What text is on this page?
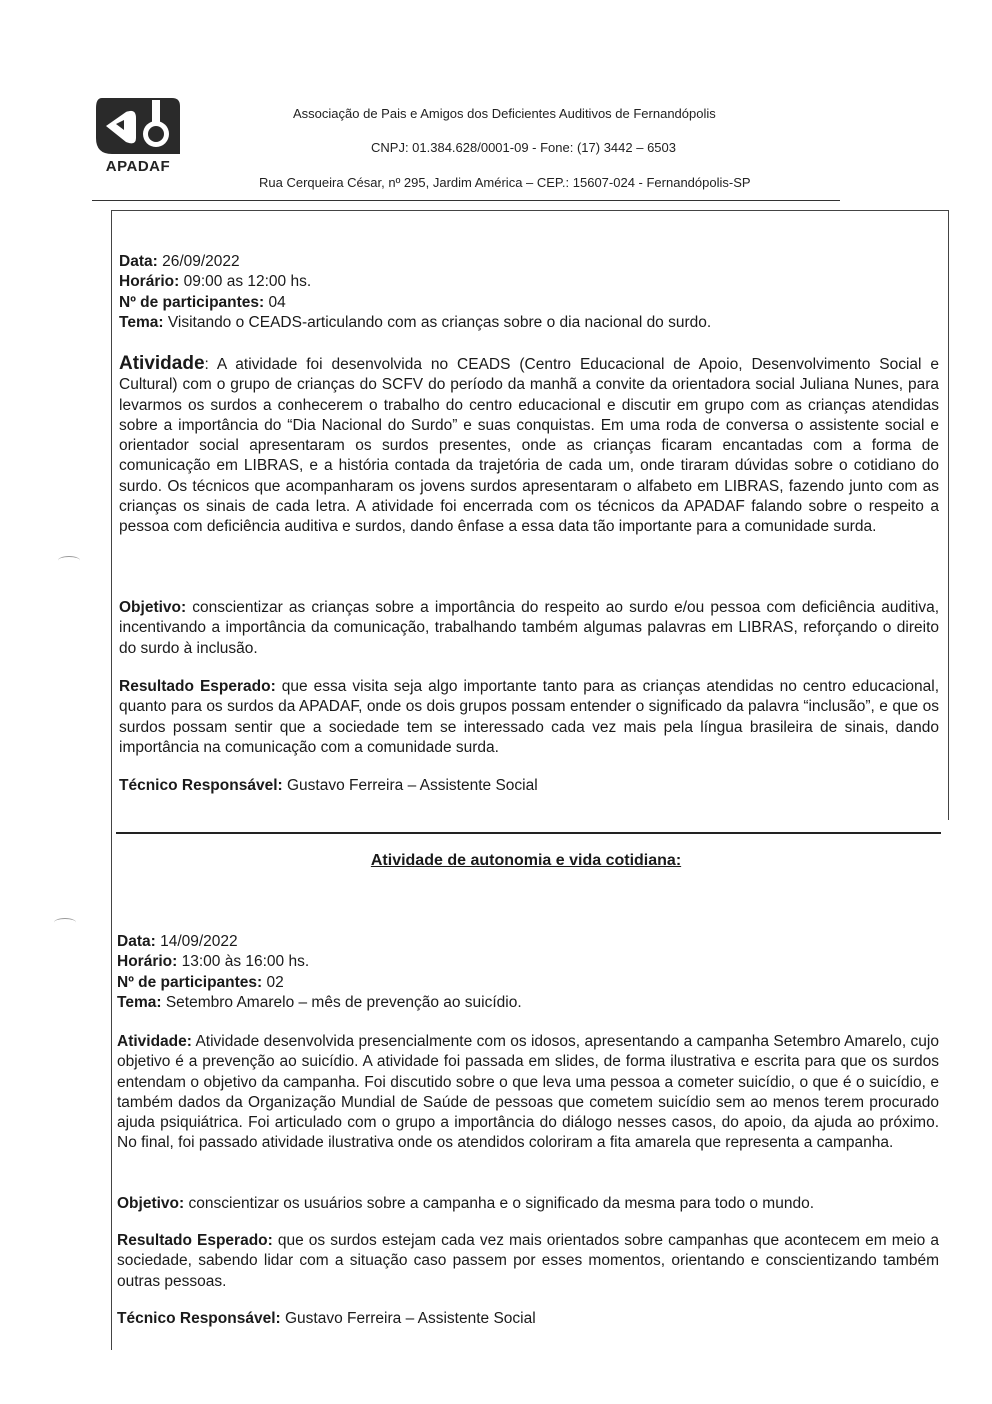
APADAF
Associação de Pais e Amigos dos Deficientes Auditivos de Fernandópolis
CNPJ: 01.384.628/0001-09 - Fone: (17) 3442 – 6503
Rua Cerqueira César, nº 295, Jardim América – CEP.: 15607-024 - Fernandópolis-SP

Data: 26/09/2022

Horário: 09:00 as 12:00 hs.

Nº de participantes: 04

Tema: Visitando o CEADS-articulando com as crianças sobre o dia nacional do surdo.

Atividade: A atividade foi desenvolvida no CEADS (Centro Educacional de Apoio, Desenvolvimento Social e Cultural) com o grupo de crianças do SCFV do período da manhã a convite da orientadora social Juliana Nunes, para levarmos os surdos a conhecerem o trabalho do centro educacional e discutir em grupo com as crianças atendidas sobre a importância do “Dia Nacional do Surdo” e suas conquistas. Em uma roda de conversa o assistente social e orientador social apresentaram os surdos presentes, onde as crianças ficaram encantadas com a forma de comunicação em LIBRAS, e a história contada da trajetória de cada um, onde tiraram dúvidas sobre o cotidiano do surdo. Os técnicos que acompanharam os jovens surdos apresentaram o alfabeto em LIBRAS, fazendo junto com as crianças os sinais de cada letra. A atividade foi encerrada com os técnicos da APADAF falando sobre o respeito a pessoa com deficiência auditiva e surdos, dando ênfase a essa data tão importante para a comunidade surda.

Objetivo: conscientizar as crianças sobre a importância do respeito ao surdo e/ou pessoa com deficiência auditiva, incentivando a importância da comunicação, trabalhando também algumas palavras em LIBRAS, reforçando o direito do surdo à inclusão.

Resultado Esperado: que essa visita seja algo importante tanto para as crianças atendidas no centro educacional, quanto para os surdos da APADAF, onde os dois grupos possam entender o significado da palavra “inclusão”, e que os surdos possam sentir que a sociedade tem se interessado cada vez mais pela língua brasileira de sinais, dando importância na comunicação com a comunidade surda.

Técnico Responsável: Gustavo Ferreira – Assistente Social

Atividade de autonomia e vida cotidiana:

Data: 14/09/2022

Horário: 13:00 às 16:00 hs.

Nº de participantes: 02

Tema: Setembro Amarelo – mês de prevenção ao suicídio.

Atividade: Atividade desenvolvida presencialmente com os idosos, apresentando a campanha Setembro Amarelo, cujo objetivo é a prevenção ao suicídio. A atividade foi passada em slides, de forma ilustrativa e escrita para que os surdos entendam o objetivo da campanha. Foi discutido sobre o que leva uma pessoa a cometer suicídio, o que é o suicídio, e também dados da Organização Mundial de Saúde de pessoas que cometem suicídio sem ao menos terem procurado ajuda psiquiátrica. Foi articulado com o grupo a importância do diálogo nesses casos, do apoio, da ajuda ao próximo. No final, foi passado atividade ilustrativa onde os atendidos coloriram a fita amarela que representa a campanha.

Objetivo: conscientizar os usuários sobre a campanha e o significado da mesma para todo o mundo.

Resultado Esperado: que os surdos estejam cada vez mais orientados sobre campanhas que acontecem em meio a sociedade, sabendo lidar com a situação caso passem por esses momentos, orientando e conscientizando também outras pessoas.

Técnico Responsável: Gustavo Ferreira – Assistente Social
